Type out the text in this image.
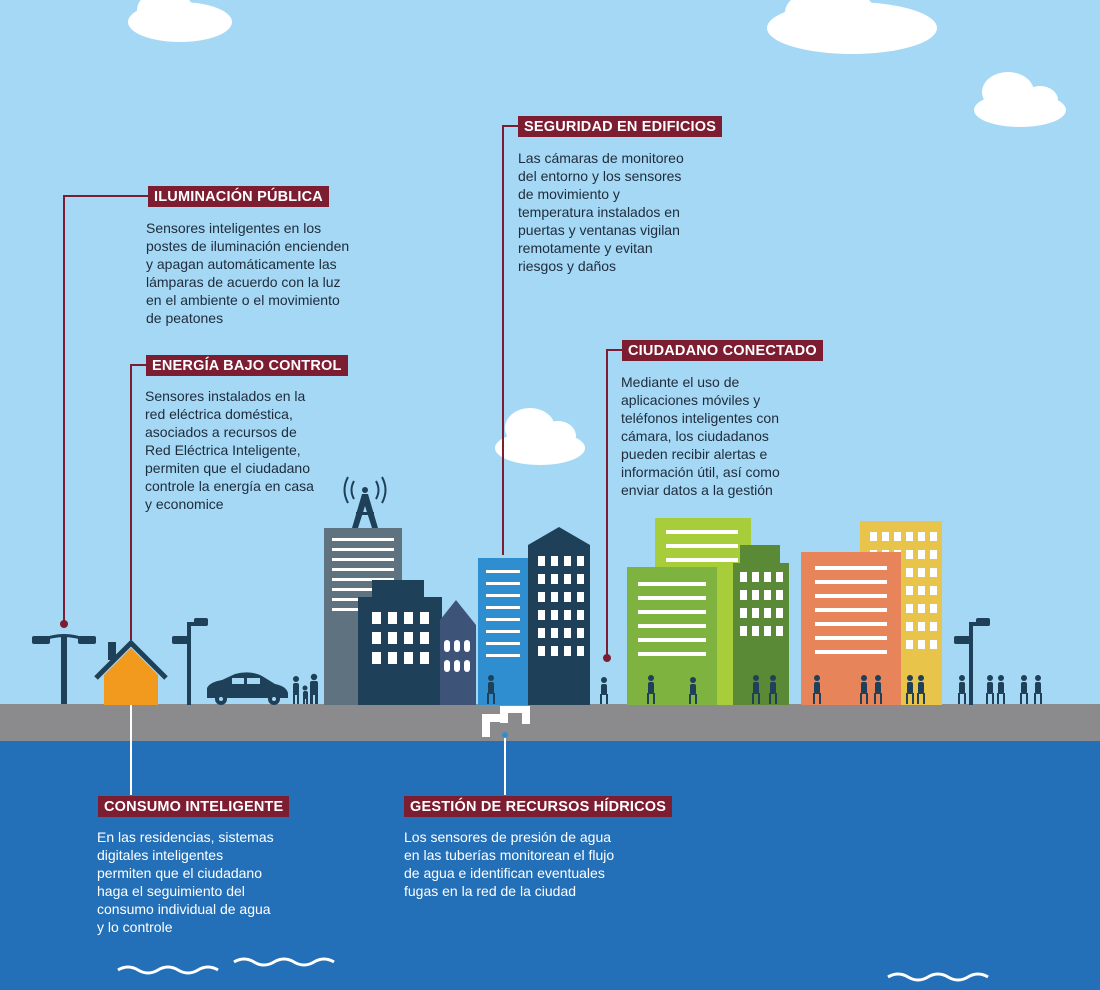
ILUMINACIÓN PÚBLICA
Sensores inteligentes en los
postes de iluminación encienden
y apagan automáticamente las
lámparas de acuerdo con la luz
en el ambiente o el movimiento
de peatones
ENERGÍA BAJO CONTROL
Sensores instalados en la
red eléctrica doméstica,
asociados a recursos de
Red Eléctrica Inteligente,
permiten que el ciudadano
controle la energía en casa
y economice
SEGURIDAD EN EDIFICIOS
Las cámaras de monitoreo
del entorno y los sensores
de movimiento y
temperatura instalados en
puertas y ventanas vigilan
remotamente y evitan
riesgos y daños
CIUDADANO CONECTADO
Mediante el uso de
aplicaciones móviles y
teléfonos inteligentes con
cámara, los ciudadanos
pueden recibir alertas e
información útil, así como
enviar datos a la gestión
CONSUMO INTELIGENTE
En las residencias, sistemas
digitales inteligentes
permiten que el ciudadano
haga el seguimiento del
consumo individual de agua
y lo controle
GESTIÓN DE RECURSOS HÍDRICOS
Los sensores de presión de agua
en las tuberías monitorean el flujo
de agua e identifican eventuales
fugas en la red de la ciudad
